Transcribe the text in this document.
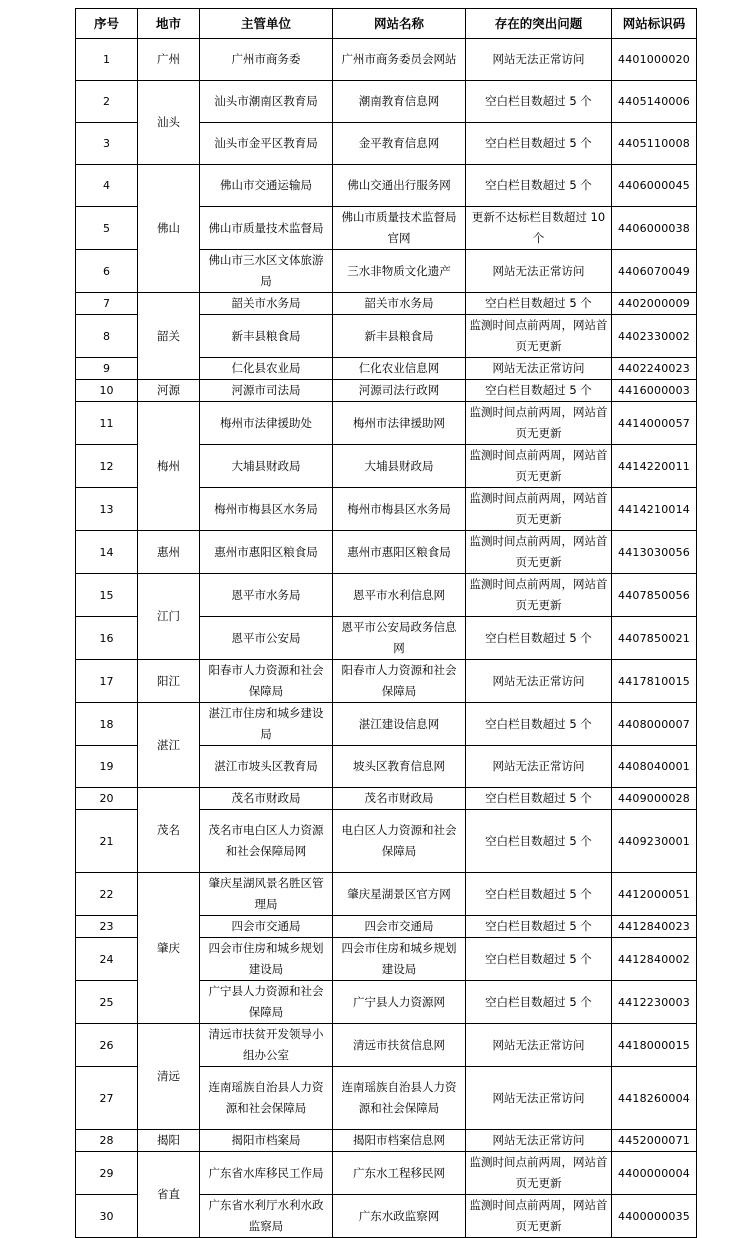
序号	地市	主管单位	网站名称	存在的突出问题	网站标识码
1	广州	广州市商务委	广州市商务委员会网站	网站无法正常访问	4401000020
2	汕头	汕头市潮南区教育局	潮南教育信息网	空白栏目数超过 5 个	4405140006
3		汕头市金平区教育局	金平教育信息网	空白栏目数超过 5 个	4405110008
4	佛山	佛山市交通运输局	佛山交通出行服务网	空白栏目数超过 5 个	4406000045
5		佛山市质量技术监督局	佛山市质量技术监督局官网	更新不达标栏目数超过 10 个	4406000038
6		佛山市三水区文体旅游局	三水非物质文化遗产	网站无法正常访问	4406070049
7	韶关	韶关市水务局	韶关市水务局	空白栏目数超过 5 个	4402000009
8		新丰县粮食局	新丰县粮食局	监测时间点前两周，网站首页无更新	4402330002
9		仁化县农业局	仁化农业信息网	网站无法正常访问	4402240023
10	河源	河源市司法局	河源司法行政网	空白栏目数超过 5 个	4416000003
11	梅州	梅州市法律援助处	梅州市法律援助网	监测时间点前两周，网站首页无更新	4414000057
12		大埔县财政局	大埔县财政局	监测时间点前两周，网站首页无更新	4414220011
13		梅州市梅县区水务局	梅州市梅县区水务局	监测时间点前两周，网站首页无更新	4414210014
14	惠州	惠州市惠阳区粮食局	惠州市惠阳区粮食局	监测时间点前两周，网站首页无更新	4413030056
15	江门	恩平市水务局	恩平市水利信息网	监测时间点前两周，网站首页无更新	4407850056
16		恩平市公安局	恩平市公安局政务信息网	空白栏目数超过 5 个	4407850021
17	阳江	阳春市人力资源和社会保障局	阳春市人力资源和社会保障局	网站无法正常访问	4417810015
18	湛江	湛江市住房和城乡建设局	湛江建设信息网	空白栏目数超过 5 个	4408000007
19		湛江市坡头区教育局	坡头区教育信息网	网站无法正常访问	4408040001
20	茂名	茂名市财政局	茂名市财政局	空白栏目数超过 5 个	4409000028
21		茂名市电白区人力资源和社会保障局网	电白区人力资源和社会保障局	空白栏目数超过 5 个	4409230001
22	肇庆	肇庆星湖风景名胜区管理局	肇庆星湖景区官方网	空白栏目数超过 5 个	4412000051
23		四会市交通局	四会市交通局	空白栏目数超过 5 个	4412840023
24		四会市住房和城乡规划建设局	四会市住房和城乡规划建设局	空白栏目数超过 5 个	4412840002
25		广宁县人力资源和社会保障局	广宁县人力资源网	空白栏目数超过 5 个	4412230003
26	清远	清远市扶贫开发领导小组办公室	清远市扶贫信息网	网站无法正常访问	4418000015
27		连南瑶族自治县人力资源和社会保障局	连南瑶族自治县人力资源和社会保障局	网站无法正常访问	4418260004
28	揭阳	揭阳市档案局	揭阳市档案信息网	网站无法正常访问	4452000071
29	省直	广东省水库移民工作局	广东水工程移民网	监测时间点前两周，网站首页无更新	4400000004
30		广东省水利厅水利水政监察局	广东水政监察网	监测时间点前两周，网站首页无更新	4400000035
